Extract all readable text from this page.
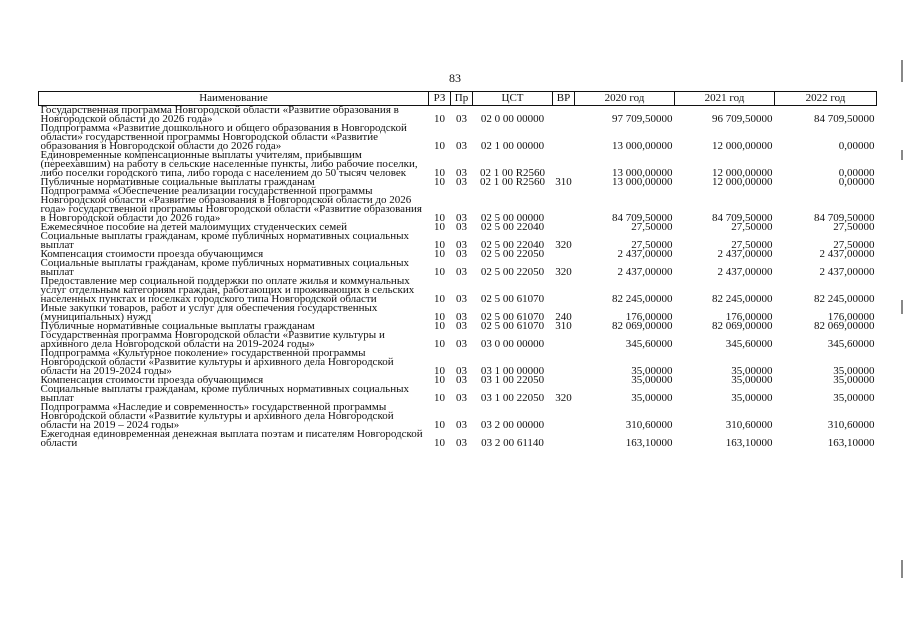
83
Наименование	РЗ	Пр	ЦСТ	ВР	2020 год	2021 год	2022 год
Государственная программа Новгородской области «Развитие образования в Новгородской области до 2026 года»	10	03	02 0 00 00000		97 709,50000	96 709,50000	84 709,50000
Подпрограмма «Развитие дошкольного и общего образования в Новгородской области» государственной программы Новгородской области «Развитие образования в Новгородской области до 2026 года»	10	03	02 1 00 00000		13 000,00000	12 000,00000	0,00000
Единовременные компенсационные выплаты учителям, прибывшим (переехавшим) на работу в сельские населенные пункты, либо рабочие поселки, либо поселки городского типа, либо города с населением до 50 тысяч человек	10	03	02 1 00 R2560		13 000,00000	12 000,00000	0,00000
Публичные нормативные социальные выплаты гражданам	10	03	02 1 00 R2560	310	13 000,00000	12 000,00000	0,00000
Подпрограмма «Обеспечение реализации государственной программы Новгородской области «Развитие образования в Новгородской области до 2026 года» государственной программы Новгородской области «Развитие образования в Новгородской области до 2026 года»	10	03	02 5 00 00000		84 709,50000	84 709,50000	84 709,50000
Ежемесячное пособие на детей малоимущих студенческих семей	10	03	02 5 00 22040		27,50000	27,50000	27,50000
Социальные выплаты гражданам, кроме публичных нормативных социальных выплат	10	03	02 5 00 22040	320	27,50000	27,50000	27,50000
Компенсация стоимости проезда обучающимся	10	03	02 5 00 22050		2 437,00000	2 437,00000	2 437,00000
Социальные выплаты гражданам, кроме публичных нормативных социальных выплат	10	03	02 5 00 22050	320	2 437,00000	2 437,00000	2 437,00000
Предоставление мер социальной поддержки по оплате жилья и коммунальных услуг отдельным категориям граждан, работающих и проживающих в сельских населенных пунктах и поселках городского типа Новгородской области	10	03	02 5 00 61070		82 245,00000	82 245,00000	82 245,00000
Иные закупки товаров, работ и услуг для обеспечения государственных (муниципальных) нужд	10	03	02 5 00 61070	240	176,00000	176,00000	176,00000
Публичные нормативные социальные выплаты гражданам	10	03	02 5 00 61070	310	82 069,00000	82 069,00000	82 069,00000
Государственная программа Новгородской области «Развитие культуры и архивного дела Новгородской области на 2019-2024 годы»	10	03	03 0 00 00000		345,60000	345,60000	345,60000
Подпрограмма «Культурное поколение» государственной программы Новгородской области «Развитие культуры и архивного дела Новгородской области на 2019-2024 годы»	10	03	03 1 00 00000		35,00000	35,00000	35,00000
Компенсация стоимости проезда обучающимся	10	03	03 1 00 22050		35,00000	35,00000	35,00000
Социальные выплаты гражданам, кроме публичных нормативных социальных выплат	10	03	03 1 00 22050	320	35,00000	35,00000	35,00000
Подпрограмма «Наследие и современность» государственной программы Новгородской области «Развитие культуры и архивного дела Новгородской области на 2019 – 2024 годы»	10	03	03 2 00 00000		310,60000	310,60000	310,60000
Ежегодная единовременная денежная выплата поэтам и писателям Новгородской области	10	03	03 2 00 61140		163,10000	163,10000	163,10000
